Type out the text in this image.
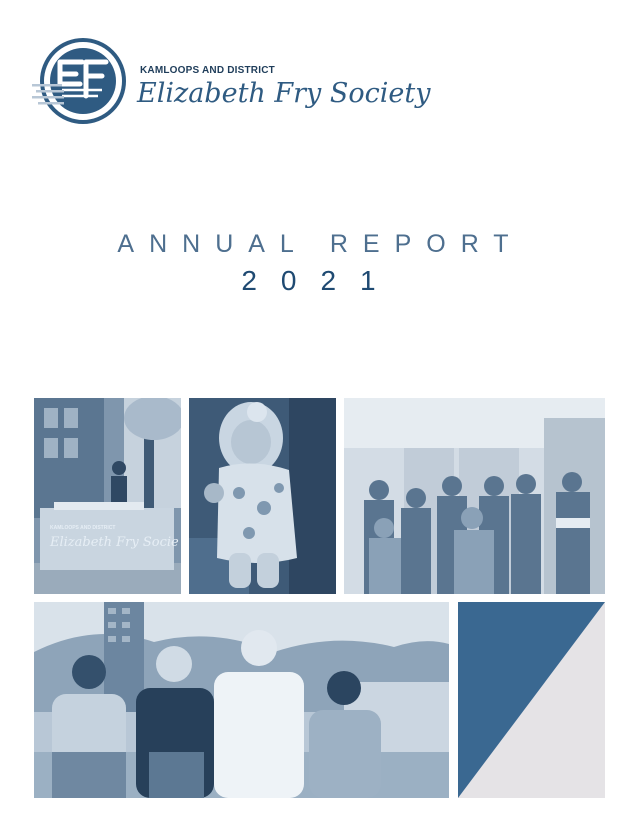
KAMLOOPS AND DISTRICT
Elizabeth Fry Society
ANNUAL REPORT
2021
KAMLOOPS AND DISTRICT
Elizabeth Fry Socie
